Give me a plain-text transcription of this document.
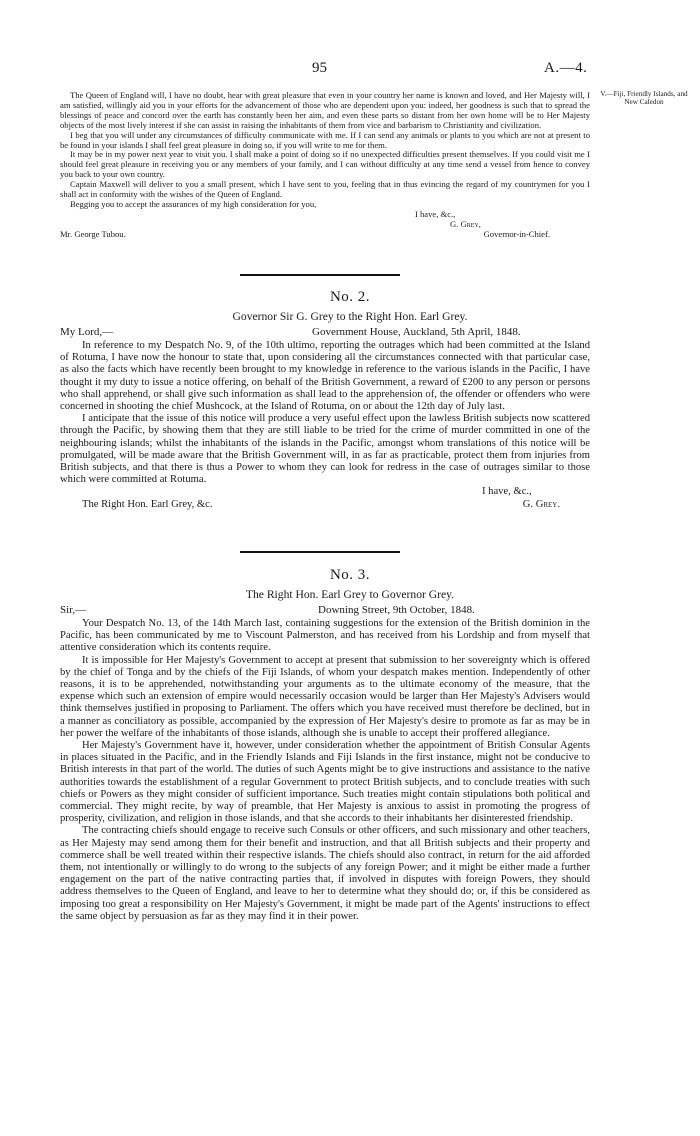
95	A.—4.
V.—Fiji, Friendly Islands, and New Caledon

The Queen of England will, I have no doubt, hear with great pleasure that even in your country her name is known and loved, and Her Majesty will, I am satisfied, willingly aid you in your efforts for the advancement of those who are dependent upon you: indeed, her goodness is such that to spread the blessings of peace and concord over the earth has constantly been her aim, and even these parts so distant from her own home will be to Her Majesty objects of the most lively interest if she can assist in raising the inhabitants of them from vice and barbarism to Christianity and civilization.

I beg that you will under any circumstances of difficulty communicate with me. If I can send any animals or plants to you which are not at present to be found in your islands I shall feel great pleasure in doing so, if you will write to me for them.

It may be in my power next year to visit you. I shall make a point of doing so if no unexpected difficulties present themselves. If you could visit me I should feel great pleasure in receiving you or any members of your family, and I can without difficulty at any time send a vessel from hence to convey you back to your own country.

Captain Maxwell will deliver to you a small present, which I have sent to you, feeling that in thus evincing the regard of my countrymen for you I shall act in conformity with the wishes of the Queen of England.

Begging you to accept the assurances of my high consideration for you,

I have, &c.,
G. Grey,
Mr. George Tubou.	Governor-in-Chief.
No. 2.
Governor Sir G. Grey to the Right Hon. Earl Grey.
My Lord,—	Government House, Auckland, 5th April, 1848.

In reference to my Despatch No. 9, of the 10th ultimo, reporting the outrages which had been committed at the Island of Rotuma, I have now the honour to state that, upon considering all the circumstances connected with that particular case, as also the facts which have recently been brought to my knowledge in reference to the various islands in the Pacific, I have thought it my duty to issue a notice offering, on behalf of the British Government, a reward of £200 to any person or persons who shall apprehend, or shall give such information as shall lead to the apprehension of, the offender or offenders who were concerned in shooting the chief Mushcock, at the Island of Rotuma, on or about the 12th day of July last.

I anticipate that the issue of this notice will produce a very useful effect upon the lawless British subjects now scattered through the Pacific, by showing them that they are still liable to be tried for the crime of murder committed in one of the neighbouring islands; whilst the inhabitants of the islands in the Pacific, amongst whom translations of this notice will be promulgated, will be made aware that the British Government will, in as far as practicable, protect them from injuries from British subjects, and that there is thus a Power to whom they can look for redress in the case of outrages similar to those which were committed at Rotuma.

I have, &c.,
The Right Hon. Earl Grey, &c.	G. Grey.
No. 3.
The Right Hon. Earl Grey to Governor Grey.
Sir,—	Downing Street, 9th October, 1848.

Your Despatch No. 13, of the 14th March last, containing suggestions for the extension of the British dominion in the Pacific, has been communicated by me to Viscount Palmerston, and has received from his Lordship and from myself that attentive consideration which its contents require.

It is impossible for Her Majesty's Government to accept at present that submission to her sovereignty which is offered by the chief of Tonga and by the chiefs of the Fiji Islands, of whom your despatch makes mention. Independently of other reasons, it is to be apprehended, notwithstanding your arguments as to the ultimate economy of the measure, that the expense which such an extension of empire would necessarily occasion would be larger than Her Majesty's Advisers would think themselves justified in proposing to Parliament. The offers which you have received must therefore be declined, but in a manner as conciliatory as possible, accompanied by the expression of Her Majesty's desire to promote as far as may be in her power the welfare of the inhabitants of those islands, although she is unable to accept their proffered allegiance.

Her Majesty's Government have it, however, under consideration whether the appointment of British Consular Agents in places situated in the Pacific, and in the Friendly Islands and Fiji Islands in the first instance, might not be conducive to British interests in that part of the world. The duties of such Agents might be to give instructions and assistance to the native authorities towards the establishment of a regular Government to protect British subjects, and to conclude treaties with such chiefs or Powers as they might consider of sufficient importance. Such treaties might contain stipulations both political and commercial. They might recite, by way of preamble, that Her Majesty is anxious to assist in promoting the progress of prosperity, civilization, and religion in those islands, and that she accords to their inhabitants her disinterested friendship.

The contracting chiefs should engage to receive such Consuls or other officers, and such missionary and other teachers, as Her Majesty may send among them for their benefit and instruction, and that all British subjects and their property and commerce shall be well treated within their respective islands. The chiefs should also contract, in return for the aid afforded them, not intentionally or willingly to do wrong to the subjects of any foreign Power; and it might be either made a further engagement on the part of the native contracting parties that, if involved in disputes with foreign Powers, they should address themselves to the Queen of England, and leave to her to determine what they should do; or, if this be considered as imposing too great a responsibility on Her Majesty's Government, it might be made part of the Agents' instructions to effect the same object by persuasion as far as they may find it in their power.
